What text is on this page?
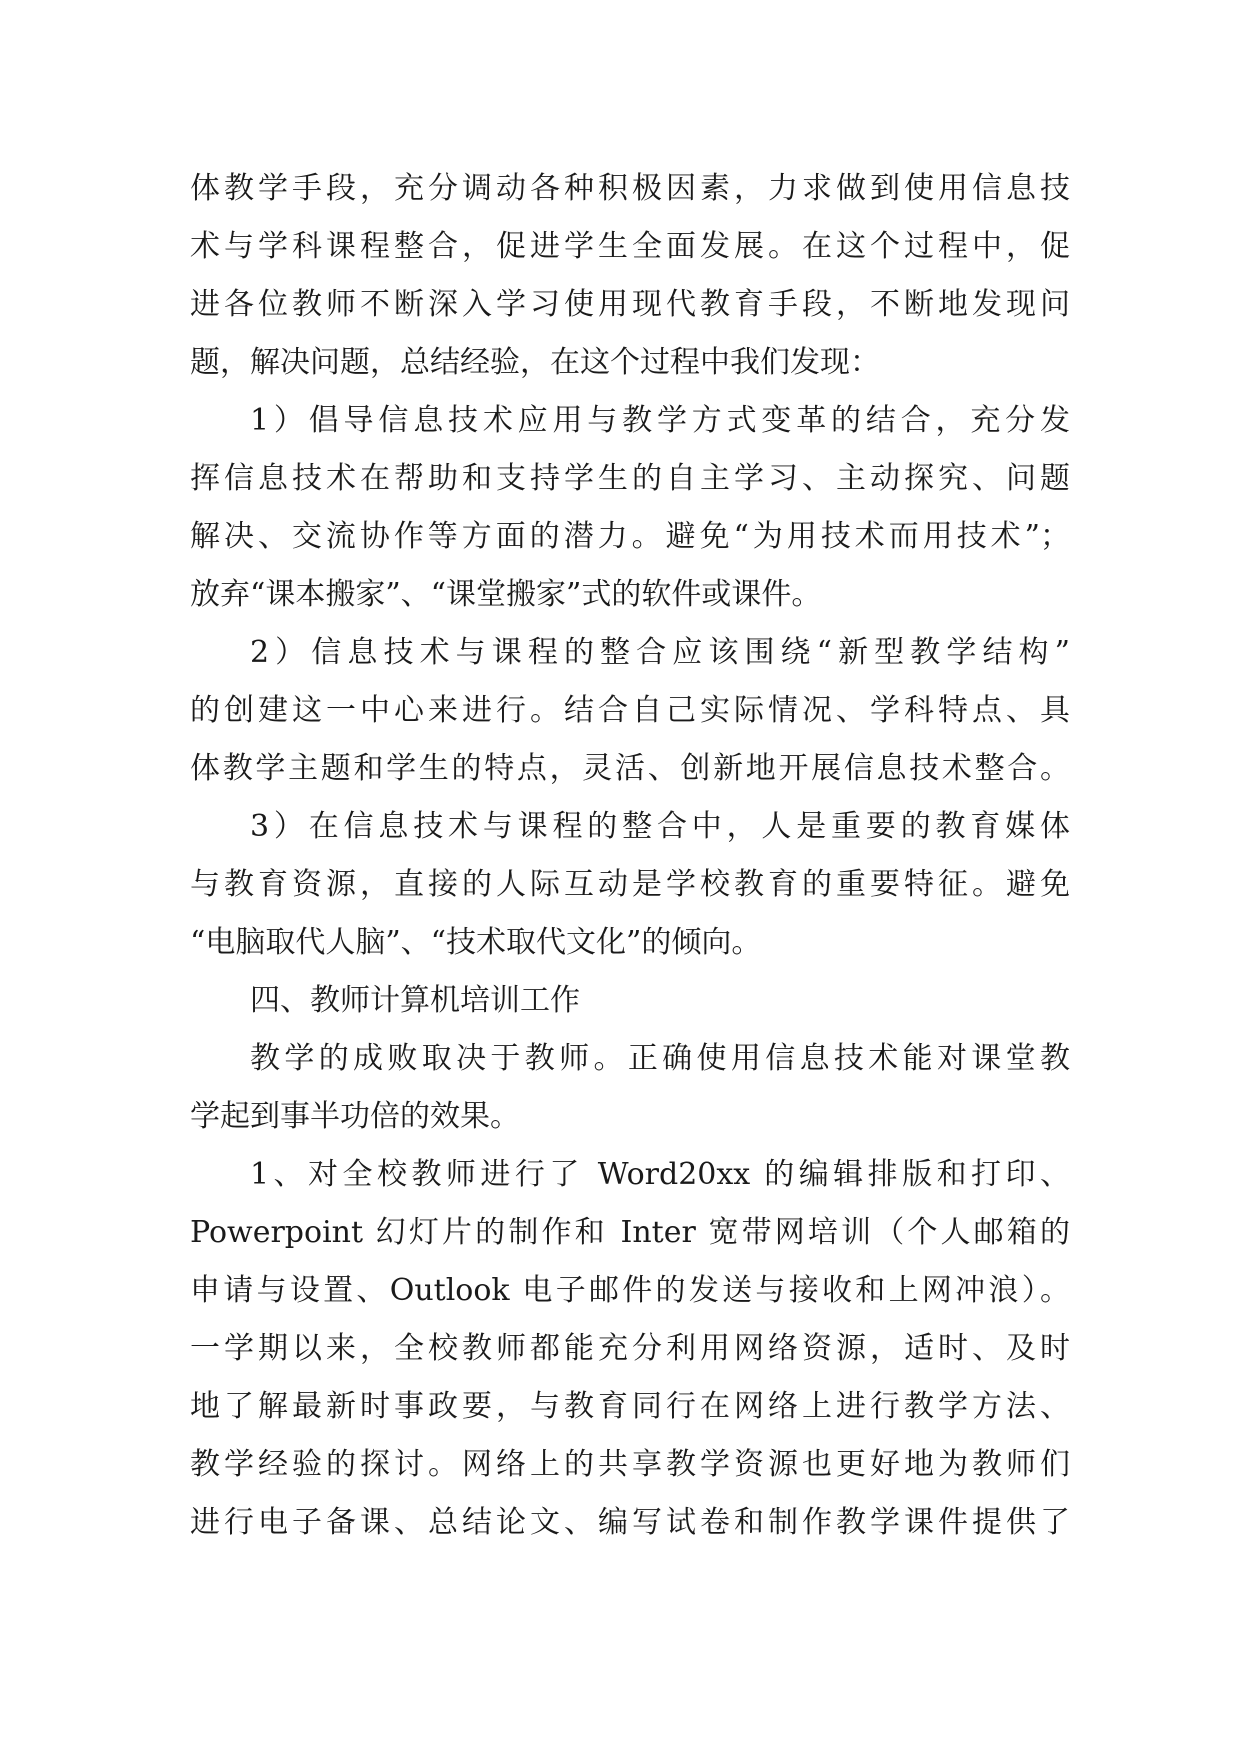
体教学手段，充分调动各种积极因素，力求做到使用信息技
术与学科课程整合，促进学生全面发展。在这个过程中，促
进各位教师不断深入学习使用现代教育手段，不断地发现问
题，解决问题，总结经验，在这个过程中我们发现：
1）倡导信息技术应用与教学方式变革的结合，充分发
挥信息技术在帮助和支持学生的自主学习、主动探究、问题
解决、交流协作等方面的潜力。避免“为用技术而用技术”；
放弃“课本搬家”、“课堂搬家”式的软件或课件。
2）信息技术与课程的整合应该围绕“新型教学结构”
的创建这一中心来进行。结合自己实际情况、学科特点、具
体教学主题和学生的特点，灵活、创新地开展信息技术整合。
3）在信息技术与课程的整合中，人是重要的教育媒体
与教育资源，直接的人际互动是学校教育的重要特征。避免
“电脑取代人脑”、“技术取代文化”的倾向。
四、教师计算机培训工作
教学的成败取决于教师。正确使用信息技术能对课堂教
学起到事半功倍的效果。
1、对全校教师进行了 Word20xx 的编辑排版和打印、
Powerpoint 幻灯片的制作和 Inter 宽带网培训（个人邮箱的
申请与设置、Outlook 电子邮件的发送与接收和上网冲浪）。
一学期以来，全校教师都能充分利用网络资源，适时、及时
地了解最新时事政要，与教育同行在网络上进行教学方法、
教学经验的探讨。网络上的共享教学资源也更好地为教师们
进行电子备课、总结论文、编写试卷和制作教学课件提供了
